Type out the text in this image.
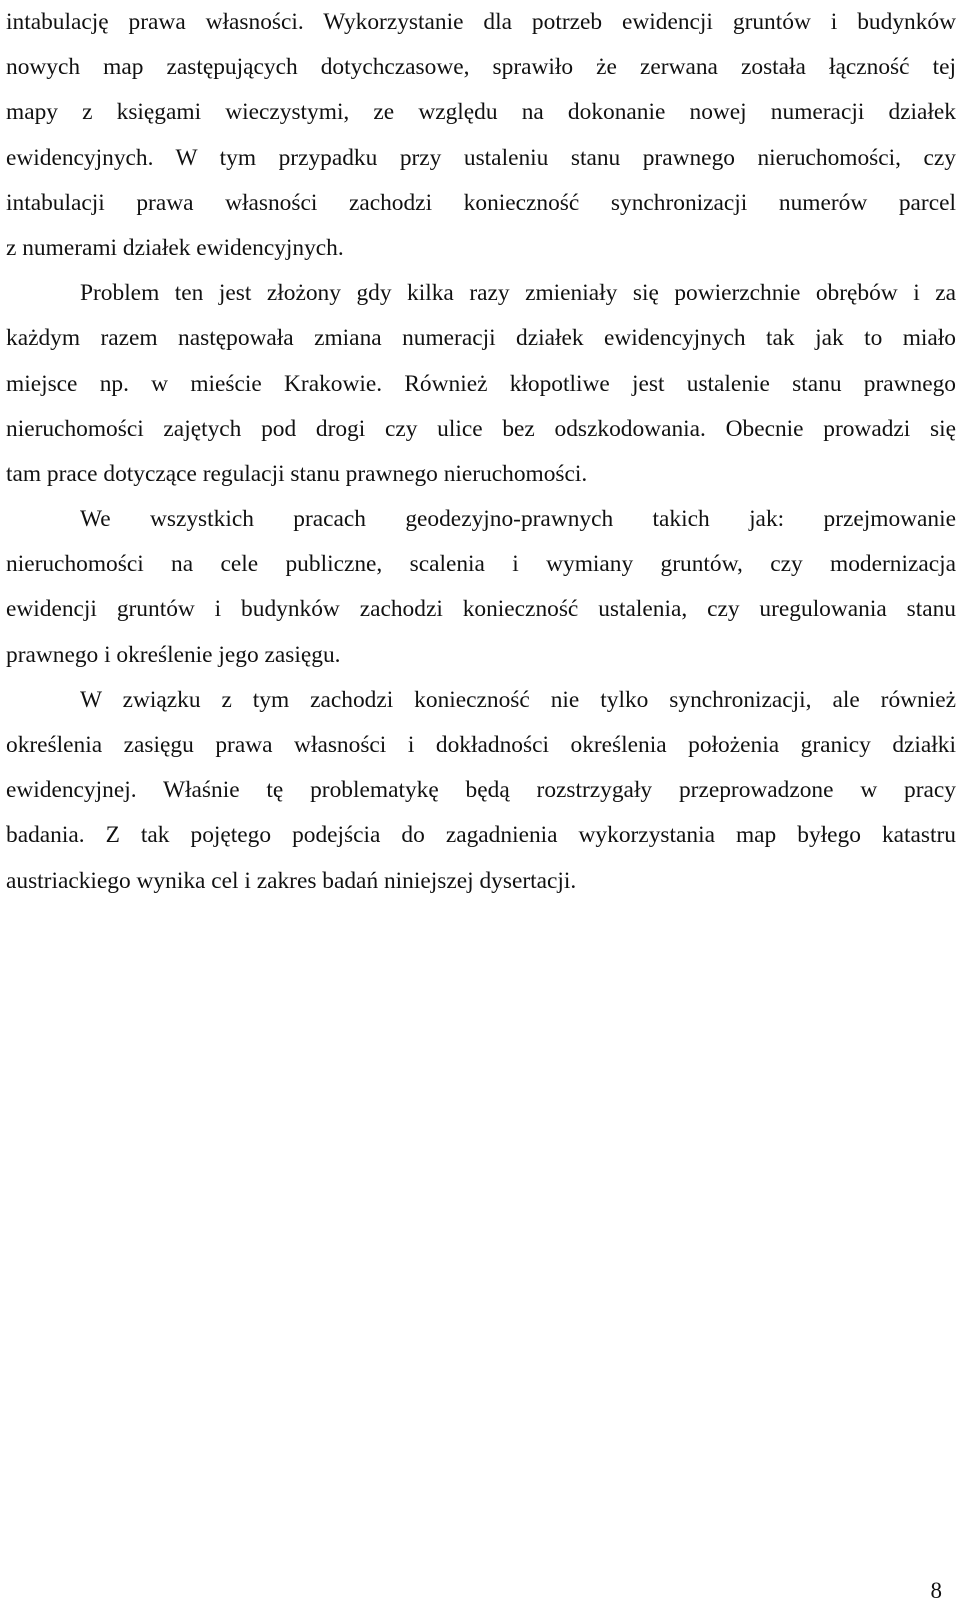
intabulację prawa własności. Wykorzystanie dla potrzeb ewidencji gruntów i budynków
nowych map zastępujących dotychczasowe, sprawiło że zerwana została łączność tej
mapy z księgami wieczystymi, ze względu na dokonanie nowej numeracji działek
ewidencyjnych. W tym przypadku przy ustaleniu stanu prawnego nieruchomości, czy
intabulacji prawa własności zachodzi konieczność synchronizacji numerów parcel
z numerami działek ewidencyjnych.
Problem ten jest złożony gdy kilka razy zmieniały się powierzchnie obrębów i za
każdym razem następowała zmiana numeracji działek ewidencyjnych tak jak to miało
miejsce np. w mieście Krakowie. Również kłopotliwe jest ustalenie stanu prawnego
nieruchomości zajętych pod drogi czy ulice bez odszkodowania. Obecnie prowadzi się
tam prace dotyczące regulacji stanu prawnego nieruchomości.
We wszystkich pracach geodezyjno-prawnych takich jak: przejmowanie
nieruchomości na cele publiczne, scalenia i wymiany gruntów, czy modernizacja
ewidencji gruntów i budynków zachodzi konieczność ustalenia, czy uregulowania stanu
prawnego i określenie jego zasięgu.
W związku z tym zachodzi konieczność nie tylko synchronizacji, ale również
określenia zasięgu prawa własności i dokładności określenia położenia granicy działki
ewidencyjnej. Właśnie tę problematykę będą rozstrzygały przeprowadzone w pracy
badania. Z tak pojętego podejścia do zagadnienia wykorzystania map byłego katastru
austriackiego wynika cel i zakres badań niniejszej dysertacji.
8
